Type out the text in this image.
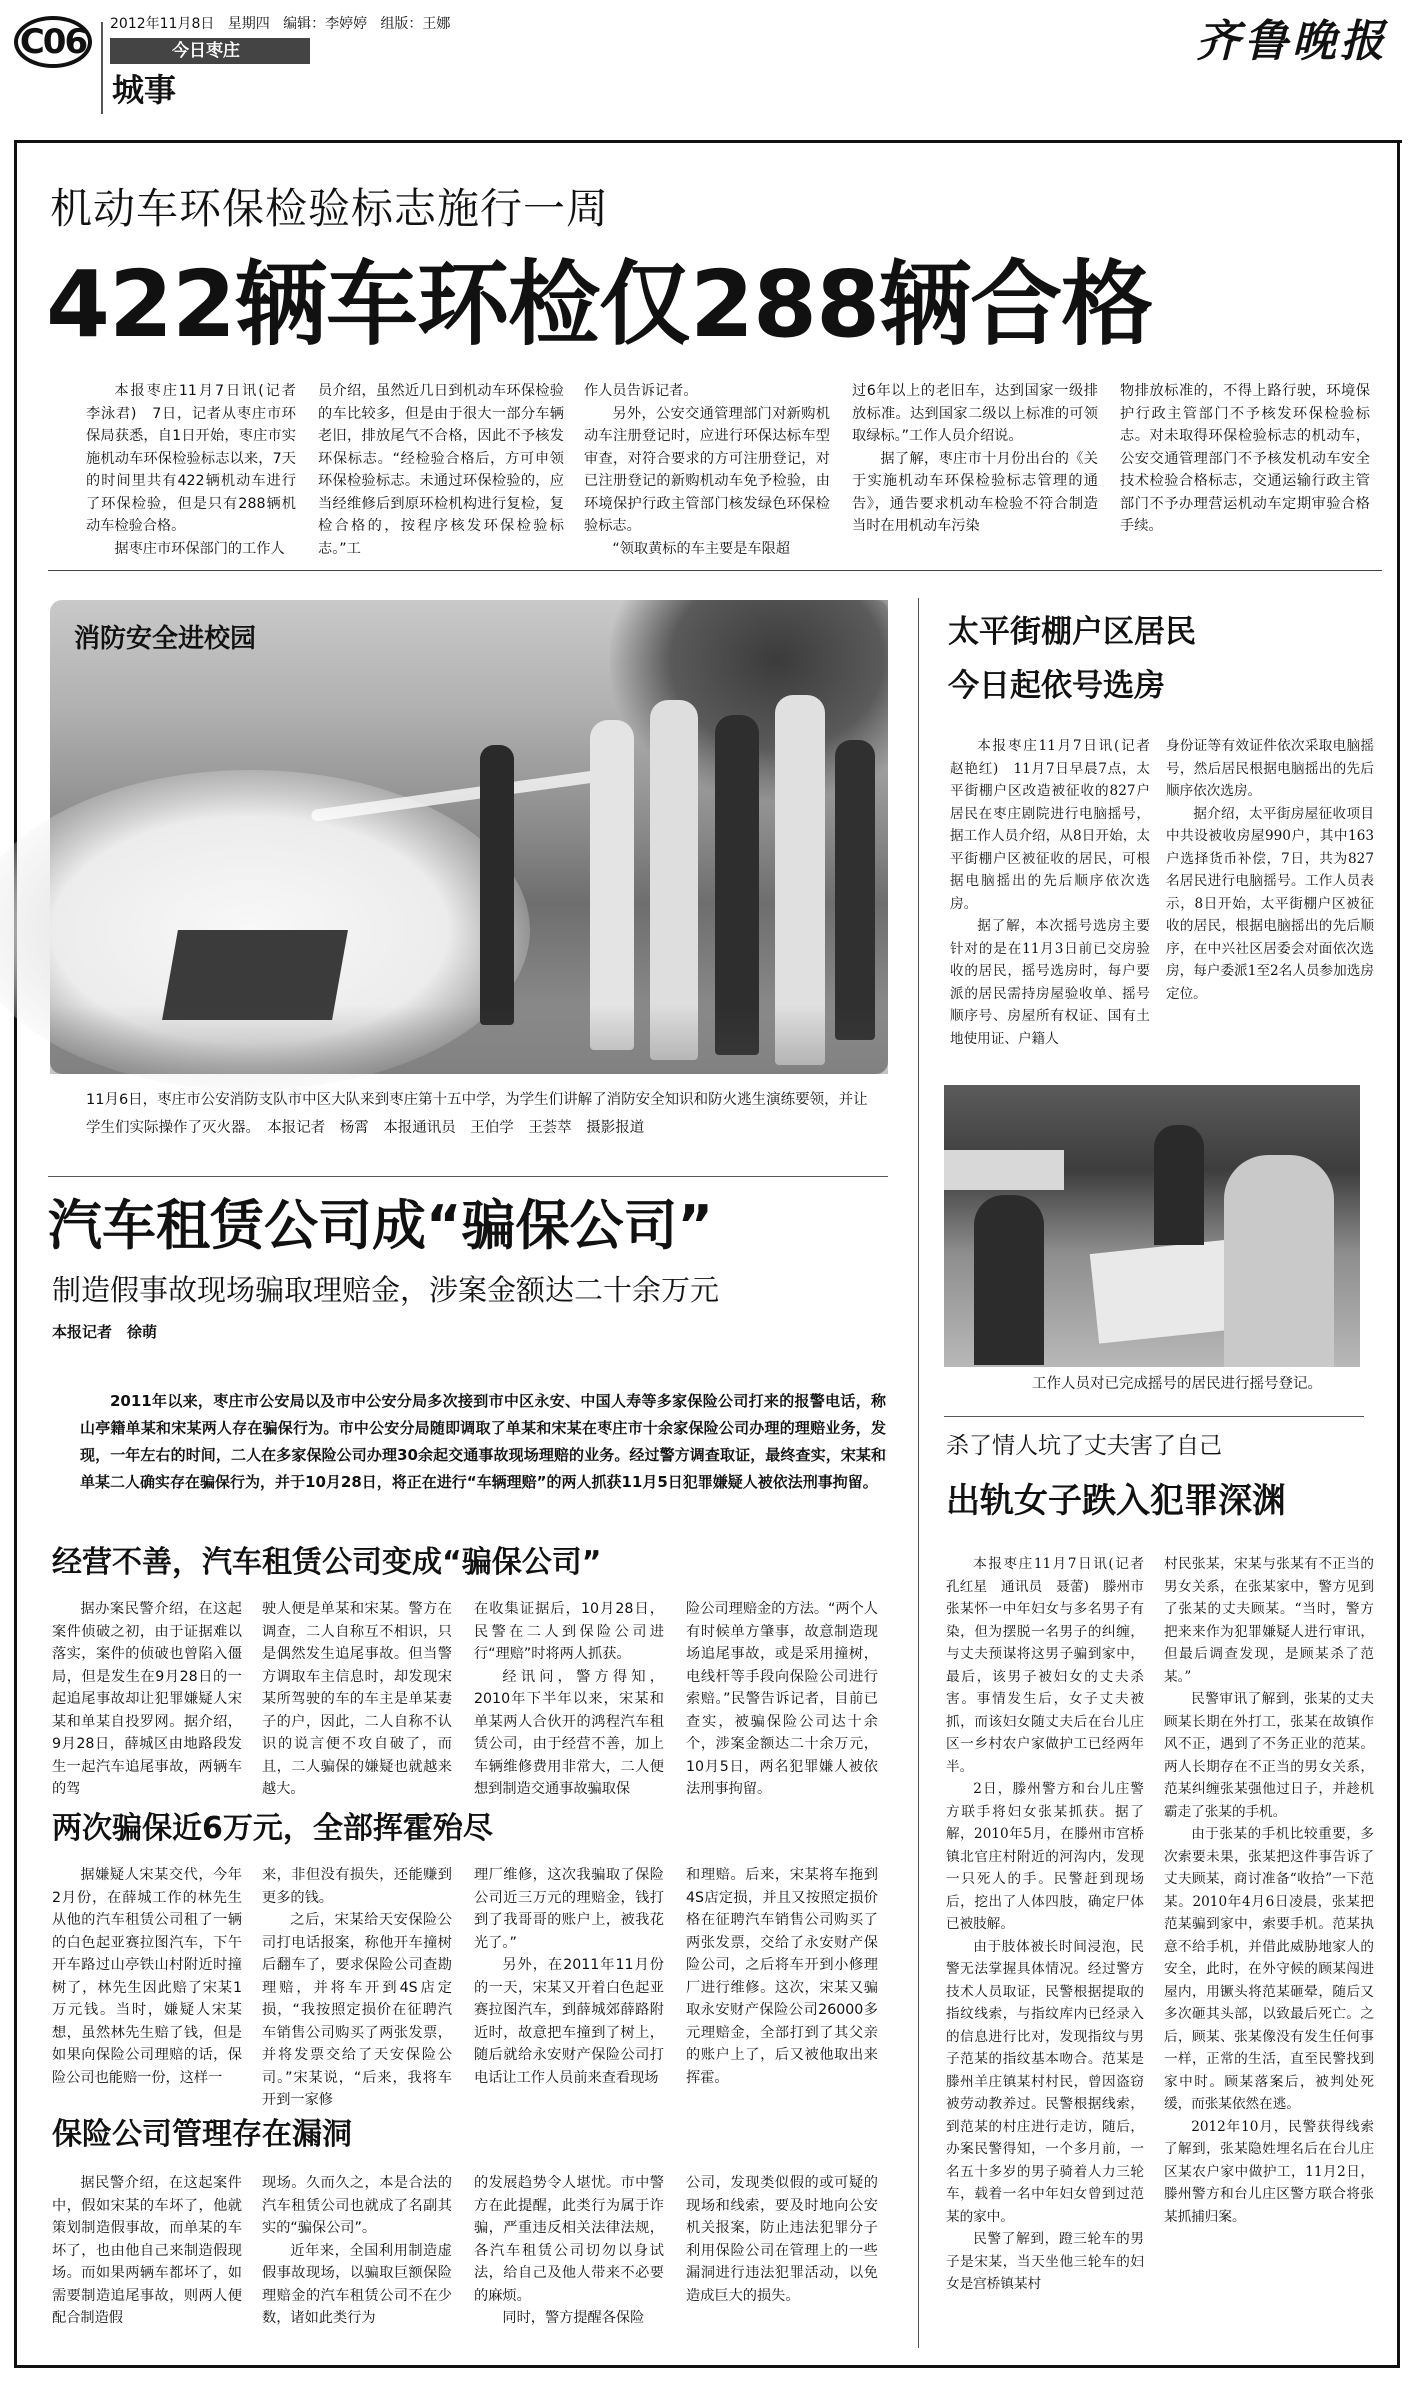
C06	2012年11月8日 星期四 编辑：李婷婷 组版：王娜
今日枣庄
城事
齐鲁晚报
机动车环保检验标志施行一周
422辆车环检仅288辆合格

本报枣庄11月7日讯(记者　李泳君)　7日，记者从枣庄市环保局获悉，自1日开始，枣庄市实施机动车环保检验标志以来，7天的时间里共有422辆机动车进行了环保检验，但是只有288辆机动车检验合格。

据枣庄市环保部门的工作人

员介绍，虽然近几日到机动车环保检验的车比较多，但是由于很大一部分车辆老旧，排放尾气不合格，因此不予核发环保标志。“经检验合格后，方可申领环保检验标志。未通过环保检验的，应当经维修后到原环检机构进行复检，复检合格的，按程序核发环保检验标志。”工

作人员告诉记者。

另外，公安交通管理部门对新购机动车注册登记时，应进行环保达标车型审查，对符合要求的方可注册登记，对已注册登记的新购机动车免予检验，由环境保护行政主管部门核发绿色环保检验标志。

“领取黄标的车主要是车限超

过6年以上的老旧车，达到国家一级排放标准。达到国家二级以上标准的可领取绿标。”工作人员介绍说。

据了解，枣庄市十月份出台的《关于实施机动车环保检验标志管理的通告》，通告要求机动车检验不符合制造当时在用机动车污染

物排放标准的，不得上路行驶，环境保护行政主管部门不予核发环保检验标志。对未取得环保检验标志的机动车，公安交通管理部门不予核发机动车安全技术检验合格标志，交通运输行政主管部门不予办理营运机动车定期审验合格手续。

消防安全进校园
11月6日，枣庄市公安消防支队市中区大队来到枣庄第十五中学，为学生们讲解了消防安全知识和防火逃生演练要领，并让学生们实际操作了灭火器。　本报记者　杨霄　本报通讯员　王伯学　王荟萃　摄影报道
太平街棚户区居民
今日起依号选房

本报枣庄11月7日讯(记者　赵艳红)　11月7日早晨7点，太平街棚户区改造被征收的827户居民在枣庄剧院进行电脑摇号，据工作人员介绍，从8日开始，太平街棚户区被征收的居民，可根据电脑摇出的先后顺序依次选房。

据了解，本次摇号选房主要针对的是在11月3日前已交房验收的居民，摇号选房时，每户要派的居民需持房屋验收单、摇号顺序号、房屋所有权证、国有土地使用证、户籍人

身份证等有效证件依次采取电脑摇号，然后居民根据电脑摇出的先后顺序依次选房。

据介绍，太平街房屋征收项目中共设被收房屋990户，其中163户选择货币补偿，7日，共为827名居民进行电脑摇号。工作人员表示，8日开始，太平街棚户区被征收的居民，根据电脑摇出的先后顺序，在中兴社区居委会对面依次选房，每户委派1至2名人员参加选房定位。

工作人员对已完成摇号的居民进行摇号登记。
杀了情人坑了丈夫害了自己
出轨女子跌入犯罪深渊

本报枣庄11月7日讯(记者　孔红星　通讯员　聂蕾)　滕州市张某怀一中年妇女与多名男子有染，但为摆脱一名男子的纠缠，与丈夫预谋将这男子骗到家中，最后，该男子被妇女的丈夫杀害。事情发生后，女子丈夫被抓，而该妇女随丈夫后在台儿庄区一乡村农户家做护工已经两年半。

2日，滕州警方和台儿庄警方联手将妇女张某抓获。据了解，2010年5月，在滕州市宫桥镇北官庄村附近的河沟内，发现一只死人的手。民警赶到现场后，挖出了人体四肢，确定尸体已被肢解。

由于肢体被长时间浸泡，民警无法掌握具体情况。经过警方技术人员取证，民警根据提取的指纹线索，与指纹库内已经录入的信息进行比对，发现指纹与男子范某的指纹基本吻合。范某是滕州羊庄镇某村村民，曾因盗窃被劳动教养过。民警根据线索，到范某的村庄进行走访，随后，办案民警得知，一个多月前，一名五十多岁的男子骑着人力三轮车，载着一名中年妇女曾到过范某的家中。

民警了解到，蹬三轮车的男子是宋某，当天坐他三轮车的妇女是宫桥镇某村

村民张某，宋某与张某有不正当的男女关系，在张某家中，警方见到了张某的丈夫顾某。“当时，警方把来来作为犯罪嫌疑人进行审讯，但最后调查发现，是顾某杀了范某。”

民警审讯了解到，张某的丈夫顾某长期在外打工，张某在故镇作风不正，遇到了不务正业的范某。两人长期存在不正当的男女关系，范某纠缠张某强他过日子，并趁机霸走了张某的手机。

由于张某的手机比较重要，多次索要未果，张某把这件事告诉了丈夫顾某，商讨准备“收拾”一下范某。2010年4月6日凌晨，张某把范某骗到家中，索要手机。范某执意不给手机，并借此威胁地家人的安全，此时，在外守候的顾某闯进屋内，用镢头将范某砸晕，随后又多次砸其头部，以致最后死亡。之后，顾某、张某像没有发生任何事一样，正常的生活，直至民警找到家中时。顾某落案后，被判处死缓，而张某依然在逃。

2012年10月，民警获得线索了解到，张某隐姓埋名后在台儿庄区某农户家中做护工，11月2日，滕州警方和台儿庄区警方联合将张某抓捕归案。

汽车租赁公司成“骗保公司”
制造假事故现场骗取理赔金，涉案金额达二十余万元
本报记者　徐萌

2011年以来，枣庄市公安局以及市中公安分局多次接到市中区永安、中国人寿等多家保险公司打来的报警电话，称山亭籍单某和宋某两人存在骗保行为。市中公安分局随即调取了单某和宋某在枣庄市十余家保险公司办理的理赔业务，发现，一年左右的时间，二人在多家保险公司办理30余起交通事故现场理赔的业务。经过警方调查取证，最终查实，宋某和单某二人确实存在骗保行为，并于10月28日，将正在进行“车辆理赔”的两人抓获11月5日犯罪嫌疑人被依法刑事拘留。

经营不善，汽车租赁公司变成“骗保公司”

据办案民警介绍，在这起案件侦破之初，由于证据难以落实，案件的侦破也曾陷入僵局，但是发生在9月28日的一起追尾事故却让犯罪嫌疑人宋某和单某自投罗网。据介绍，9月28日，薛城区由地路段发生一起汽车追尾事故，两辆车的驾

驶人便是单某和宋某。警方在调查，二人自称互不相识，只是偶然发生追尾事故。但当警方调取车主信息时，却发现宋某所驾驶的车的车主是单某妻子的户，因此，二人自称不认识的说言便不攻自破了，而且，二人骗保的嫌疑也就越来越大。

在收集证据后，10月28日，民警在二人到保险公司进行“理赔”时将两人抓获。

经讯问，警方得知，2010年下半年以来，宋某和单某两人合伙开的鸿程汽车租赁公司，由于经营不善，加上车辆维修费用非常大，二人便想到制造交通事故骗取保

险公司理赔金的方法。“两个人有时候单方肇事，故意制造现场追尾事故，或是采用撞树，电线杆等手段向保险公司进行索赔。”民警告诉记者，目前已查实，被骗保险公司达十余个，涉案金额达二十余万元，10月5日，两名犯罪嫌人被依法刑事拘留。

两次骗保近6万元，全部挥霍殆尽

据嫌疑人宋某交代，今年2月份，在薛城工作的林先生从他的汽车租赁公司租了一辆的白色起亚赛拉图汽车，下午开车路过山亭铁山村附近时撞树了，林先生因此赔了宋某1万元钱。当时，嫌疑人宋某想，虽然林先生赔了钱，但是如果向保险公司理赔的话，保险公司也能赔一份，这样一

来，非但没有损失，还能赚到更多的钱。

之后，宋某给天安保险公司打电话报案，称他开车撞树后翻车了，要求保险公司查勘理赔，并将车开到4S店定损，“我按照定损价在征聘汽车销售公司购买了两张发票，并将发票交给了天安保险公司。”宋某说，“后来，我将车开到一家修

理厂维修，这次我骗取了保险公司近三万元的理赔金，钱打到了我哥哥的账户上，被我花光了。”

另外，在2011年11月份的一天，宋某又开着白色起亚赛拉图汽车，到薛城郊薛路附近时，故意把车撞到了树上，随后就给永安财产保险公司打电话让工作人员前来查看现场

和理赔。后来，宋某将车拖到4S店定损，并且又按照定损价格在征聘汽车销售公司购买了两张发票，交给了永安财产保险公司，之后将车开到小修理厂进行维修。这次，宋某又骗取永安财产保险公司26000多元理赔金，全部打到了其父亲的账户上了，后又被他取出来挥霍。

保险公司管理存在漏洞

据民警介绍，在这起案件中，假如宋某的车坏了，他就策划制造假事故，而单某的车坏了，也由他自己来制造假现场。而如果两辆车都坏了，如需要制造追尾事故，则两人便配合制造假

现场。久而久之，本是合法的汽车租赁公司也就成了名副其实的“骗保公司”。

近年来，全国利用制造虚假事故现场，以骗取巨额保险理赔金的汽车租赁公司不在少数，诸如此类行为

的发展趋势令人堪忧。市中警方在此提醒，此类行为属于诈骗，严重违反相关法律法规，各汽车租赁公司切勿以身试法，给自己及他人带来不必要的麻烦。

同时，警方提醒各保险

公司，发现类似假的或可疑的现场和线索，要及时地向公安机关报案，防止违法犯罪分子利用保险公司在管理上的一些漏洞进行违法犯罪活动，以免造成巨大的损失。
